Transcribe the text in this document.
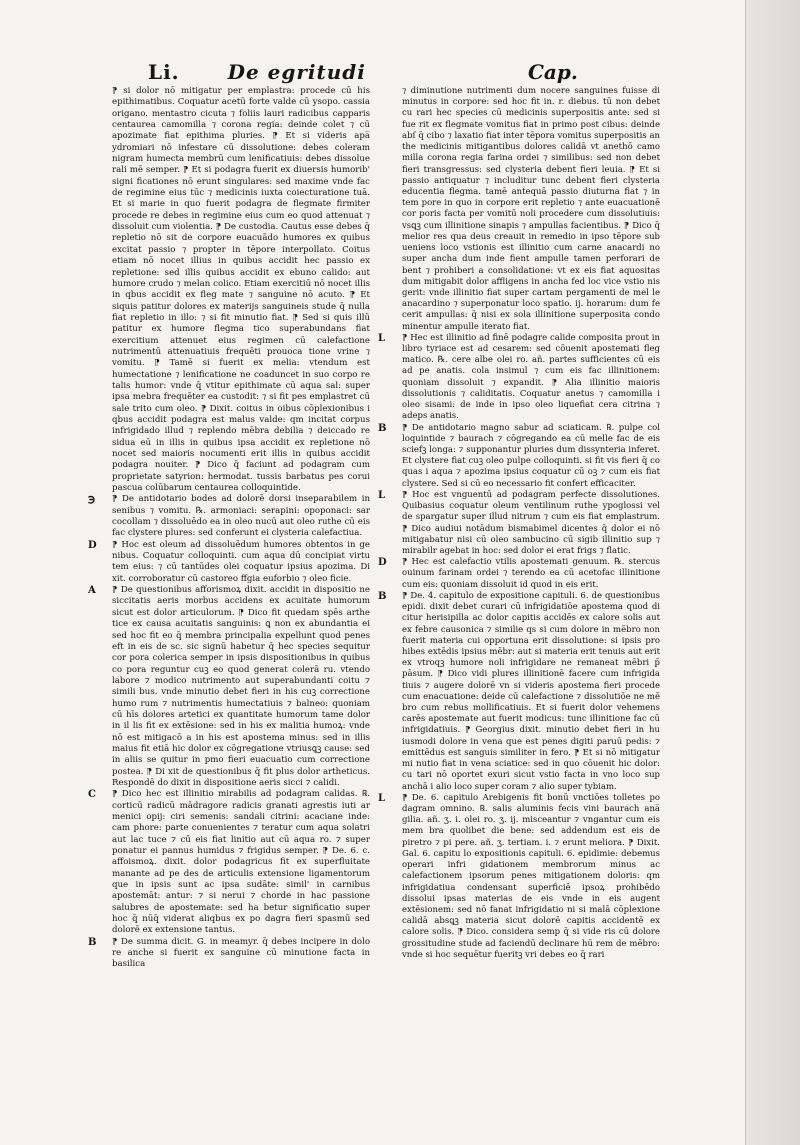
Li. De egritudi	Cap.

⁋ si dolor nō mitigatur per emplastra: procede cū his epithimatibus. Coquatur acetū forte valde cū ysopo. cassia origano. mentastro cicuta ⁊ foliis lauri radicibus capparis centaurea camomilla ⁊ corona regia: deinde colet ⁊ cū apozimate fiat epithima pluries. ⁋ Et si videris apa̅ ydromiari nō infestare cū dissolutione: debes coleram nigram humecta membrū cum lenificatiuis: debes dissolue rali mē semper. ⁋ Et si podagra fuerit ex diuersis humorib' signi ficationes nō erunt singulares: sed maxime vnde fac de regimine eius tūc ⁊ medicinis iuxta coiecturatione tuā. Et si marie in quo fuerit podagra de flegmate firmiter procede re debes in regimine eius cum eo quod attenuat ⁊ dissoluit cum violentia. ⁋ De custodia. Cautus esse debes q̄ repletio nō sit de corpore euacuādo humores ex quibus excitat passio ⁊ propter in tēpore interpollato. Coitus etiam nō nocet illius in quibus accidit hec passio ex repletione: sed illis quibus accidit ex ebuno calido: aut humore crudo ⁊ melan colico. Etiam exercitiū nō nocet illis in qbus accidit ex fleg mate ⁊ sanguine nō acuto. ⁋ Et siquis patitur dolores ex materijs sanguineis stude q̄ nulla fiat repletio in illo: ⁊ si fit minutio fiat. ⁋ Sed si quis illū patitur ex humore flegma tico superabundans fiat exercitium attenuet eius regimen cū calefactione nutrimentū attenuatiuis frequēti prouoca tione vrine ⁊ vomitu. ⁋ Tamē si fuerit ex melia: vtendum est humectatione ⁊ lenificatione ne coaduncet in suo corpo re talis humor: vnde q̄ vtitur epithimate cū aqua sal: super ipsa mebra frequēter ea custodit: ⁊ si fit pes emplastret cū sale trito cum oleo. ⁋ Dixit. coitus in oibus cōplexionibus i qbus accidit podagra est malus valde: qm incitat corpus infrigidado illud ⁊ replendo mēbra debilia ⁊ deiccado re sidua eū in illis in quibus ipsa accidit ex repletione nō nocet sed maioris nocumenti erit illis in quibus accidit podagra nouiter. ⁋ Dico q̄ faciunt ad podagram cum proprietate satyrion: hermodat. tussis barbatus pes corui pascua colūbarum centaurea colloquintide.

℈ ⁋ De antidotario bodes ad dolorē dorsi inseparabilem in senibus ⁊ vomitu. ℞. armoniaci: serapini: opoponaci: sar cocollam ⁊ dissoluēdo ea in oleo nucū aut oleo ruthe cū eis fac clystere plures: sed conferunt ei clysteria calefactiua.

D ⁋ Hoc est oleum ad dissoluēdum humores obtentos in ge nibus. Coquatur colloquinti. cum aqua dū concipiat virtu tem eius: ⁊ cū tantūdes olei coquatur ipsius apozima. Di xit. corroboratur cū castoreo ffgia euforbio ⁊ oleo ficie.

A ⁋ De questionibus afforismoꝝ dixit. accidit in dispositio ne siccitatis aeris morbus accidens ex acuitate humorum sicut est dolor articulorum. ⁋ Dico fit quedam spēs arthe tice ex causa acuitatis sanguinis: ꝗ non ex abundantia ei sed hoc fit eo q̄ membra principalia expellunt quod penes eft in eis de sc. sic signū habetur q̄ hec species sequitur cor pora colerica semper in ipsis dispositionibus in quibus co pora reguntur cuꝫ eo quod generat colerā ru. vtendo labore ⁊ modico nutrimento aut superabundanti coitu ⁊ simili bus. vnde minutio debet fieri in his cuꝫ correctione humo rum ⁊ nutrimentis humectatiuis ⁊ balneo: quoniam cū hīs dolores artetici ex quantitate humorum tame dolor in il lis fit ex extēsione: sed in his ex malitia humoꝝ: vnde nō est mitigacō a in his est apostema minus: sed in illis maius fit etiā hic dolor ex cōgregatione vtriusꝗꝫ cause: sed in aliis se quitur in pmo fieri euacuatio cum correctione postea. ⁋ Di xit de questionibus q̄ fit plus dolor artheticus. Respondē do dixit in dispositione aeris sicci ⁊ calidi.

C ⁋ Dico hec est illinitio mirabilis ad podagram calidas. ℞. corticū radicū mādragore radicis granati agrestis iuti ar menici opij: ciri semenis: sandali citrini: acaciane inde: cam phore: parte conuenientes ⁊ teratur cum aqua solatri aut lac tuce ⁊ cū eis fiat linitio aut cū aqua ro. ⁊ super ponatur ei pannus humidus ⁊ frigidus semper. ⁋ De. 6. c. affoismoꝝ. dixit. dolor podagricus fit ex superfluitate manante ad pe des de articulis extensione ligamentorum que in ipsis sunt ac ipsa sudāte: simil' in carnibus apostemāt: antur: ⁊ si nerui ⁊ chorde in hac passione salubres de apostemate: sed ha betur significatio super hoc q̄ nūq̄ viderat aliqbus ex po dagra fieri spasmū sed dolorē ex extensione tantus.

B ⁋ De summa dicit. G. in meamyr. q̄ debes incipere in dolo re anche si fuerit ex sanguine cū minutione facta in basilica

⁊ diminutione nutrimenti dum nocere sanguines fuisse di minutus in corpore: sed hoc fit in. r. diebus. tū non debet cu rari hec species cū medicinis superpositis ante: sed si fue rit ex flegmate vomitus fiat in primo post cibus: deinde abſ q̄ cibo ⁊ laxatio fiat inter tēpora vomitus superpositis an the medicinis mitigantibus dolores calidā vt anethō camo milla corona regia farina ordei ⁊ similibus: sed non debet fieri transgressus: sed clysteria debent fieri leuia. ⁋ Et si passio antiquatur ⁊ includitur tunc debent fieri clysteria educentia flegma. tamē antequā passio diuturna fiat ⁊ in tem pore in quo in corpore erit repletio ⁊ ante euacuationē cor poris facta per vomitū noli procedere cum dissolutiuis: vsꝗꝫ cum illinitione sinapis ⁊ ampullas facientibus. ⁋ Dico q̄ melior res qua deus creauit in remedio in ipso tēpore sub ueniens loco vstionis est illinitio cum carne anacardi no super ancha dum inde fient ampulle tamen perforari de bent ⁊ prohiberi a consolidatione: vt ex eis fiat aquositas dum mitigabit dolor affligens in ancha fed loc vice vstio nis gerit: vnde illinitio fiat super cartam pergamenti de mel le anacardino ⁊ superponatur loco spatio. ij. horarum: dum fe cerit ampullas: q̄ nisi ex sola illinitione superposita condo minentur ampulle iterato fiat.

L ⁋ Hec est illinitio ad finē podagre calide composita prout in libro tyriace est ad cesarem: sed cōuenit apostemati fleg matico. ℞. cere albe olei ro. añ. partes sufficientes cū eis ad pe anatis. cola insimul ⁊ cum eis fac illinitionem: quoniam dissoluit ⁊ expandit. ⁋ Alia illinitio maioris dissolutionis ⁊ caliditatis. Coquatur anetus ⁊ camomilla i oleo sisami: de inde in ipso oleo liquefiat cera citrina ⁊ adeps anatis.

B ⁋ De antidotario magno sabur ad sciaticam. ℞. pulpe col loquintide ⁊ baurach ⁊ cōgregando ea cū melle fac de eis sciefꝫ longa: ⁊ supponantur pluries dum dissynteria inferet. Et clystere fiat cuꝫ oleo pulpe colloquinti. si fit vis fieri q̄ co quas i aqua ⁊ apozima ipsius coquatur cū oꝫ ⁊ cum eis fiat clystere. Sed si cū eo necessario fit confert efficaciter.

L ⁋ Hoc est vnguentū ad podagram perfecte dissolutiones. Quibasius coquatur oleum ventilinum ruthe ypoglossi vel de spargatur super illud nitrum ⁊ cum eis fiat emplastrum. ⁋ Dico audiui notādum bismabimel dicentes q̄ dolor ei nō mitigabatur nisi cū oleo sambucino cū sigib illinitio sup ⁊ mirabilr agebat in hoc: sed dolor ei erat frigs ⁊ flatic.

D ⁋ Hec est calefactio vtilis apostemati genuum. ℞. stercus ouinum farinam ordei ⁊ terendo ea cū acetofac illinitione cum eis: quoniam dissoluit id quod in eis erit.

B ⁋ De. 4. capitulo de expositione capituli. 6. de questionibus epidi. dixit debet curari cū infrigidatiōe apostema quod di citur herisipilla ac dolor capitis accidēs ex calore solis aut ex febre causonica ⁊ similie qs si cum dolore in mēbro non fuerit materia cui opportuna erit dissolutione: si ipsis pro hibes extēdis ipsius mēbr: aut si materia erit tenuis aut erit ex vtroqꝫ humore noli infrigidare ne remaneat mēbri p̄ pāsum. ⁋ Dico vidi plures illinitionē facere cum infrigida tiuis ⁊ augere dolorē vn si videris apostema fieri procede cum enacuatione: deide cū calefactione ⁊ dissolutiōe ne mē bro cum rebus mollificatiuis. Et si fuerit dolor vehemens carēs apostemate aut fuerit modicus: tunc illinitione fac cū infrigidatiuis. ⁋ Georgius dixit. minutio debet fieri in hu iusmodi dolore in vena que est penes digiti paruū pedis: ⁊ emittēdus est sanguis similiter in fero. ⁋ Et si nō mitigatur mi nutio fiat in vena sciatice: sed in quo cōuenit hic dolor: cu tari nō oportet exuri sicut vstio facta in vno loco sup anchā i alio loco super coram ⁊ alio super tybiam.

L ⁋ De. 6. capitulo Arebigenis fit bonū vnctiōes tolletes po dagram omnino. ℞. salis aluminis fecis vini baurach ana̅ gilia. añ. ʒ. i. olei ro. ʒ. ij. misceantur ⁊ vngantur cum eis mem bra quolibet die bene: sed addendum est eis de piretro ⁊ pi pere. añ. ʒ. tertiam. i. ⁊ erunt meliora. ⁋ Dixit. Gal. 6. capitu lo expositionis capituli. 6. epidimie: debemus operari infri gidationem membrorum minus ac calefactionem ipsorum penes mitigationem doloris: qm infrigidatiua condensant superficiē ipsoꝝ prohibēdo dissolui ipsas materias de eis vnde in eis augent extēsionem: sed nō fanat infrigidatio ni si malā cōplexione calidā absꝗꝫ materia sicut dolorē capitis accidentē ex calore solis. ⁋ Dico. considera semp q̄ si vide ris cū dolore grossitudine stude ad faciendū declinare hū rem de mēbro: vnde si hoc sequētur fueritꝫ vri debes eo q̄ rari
